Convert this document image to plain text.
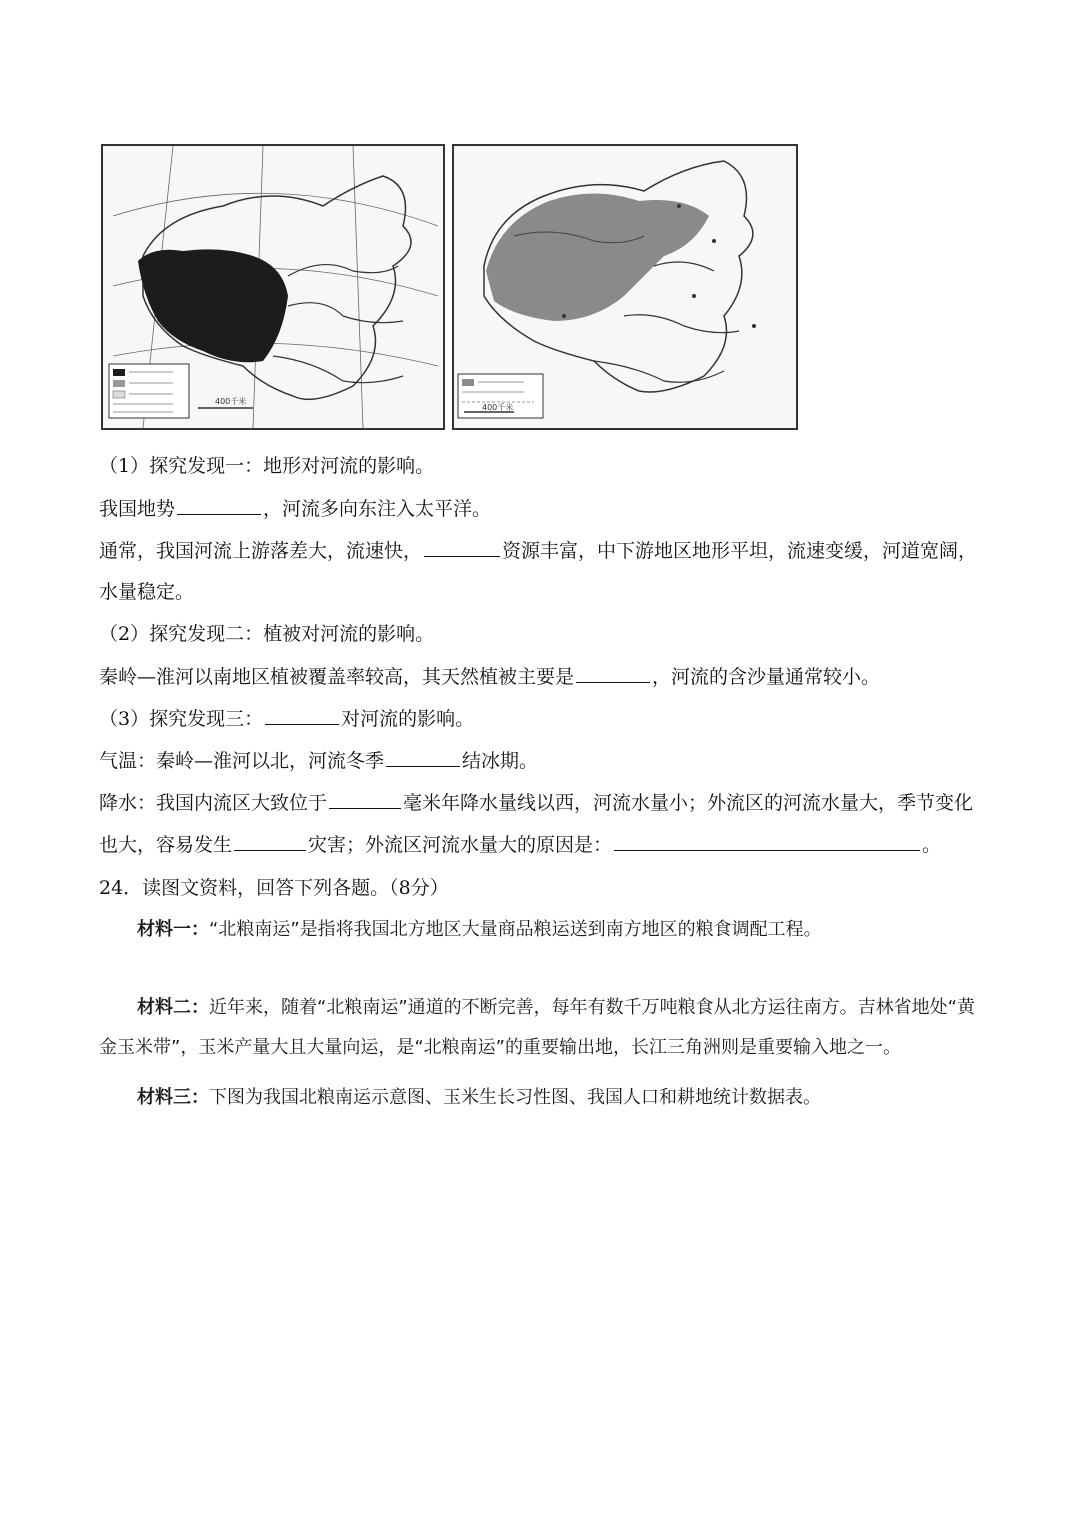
400千米
400千米
（1）探究发现一：地形对河流的影响。
我国地势	，河流多向东注入太平洋。
通常，我国河流上游落差大，流速快，	资源丰富，中下游地区地形平坦，流速变缓，河道宽阔，
水量稳定。
（2）探究发现二：植被对河流的影响。
秦岭—淮河以南地区植被覆盖率较高，其天然植被主要是	，河流的含沙量通常较小。
（3）探究发现三：	对河流的影响。
气温：秦岭—淮河以北，河流冬季	结冰期。
降水：我国内流区大致位于	毫米年降水量线以西，河流水量小；外流区的河流水量大，季节变化
也大，容易发生	灾害；外流区河流水量大的原因是：	。
24．读图文资料，回答下列各题。（8分）
材料一：“北粮南运”是指将我国北方地区大量商品粮运送到南方地区的粮食调配工程。
材料二：近年来，随着“北粮南运”通道的不断完善，每年有数千万吨粮食从北方运往南方。吉林省地处“黄金玉米带”，玉米产量大且大量向运，是“北粮南运”的重要输出地，长江三角洲则是重要输入地之一。
材料三：下图为我国北粮南运示意图、玉米生长习性图、我国人口和耕地统计数据表。
